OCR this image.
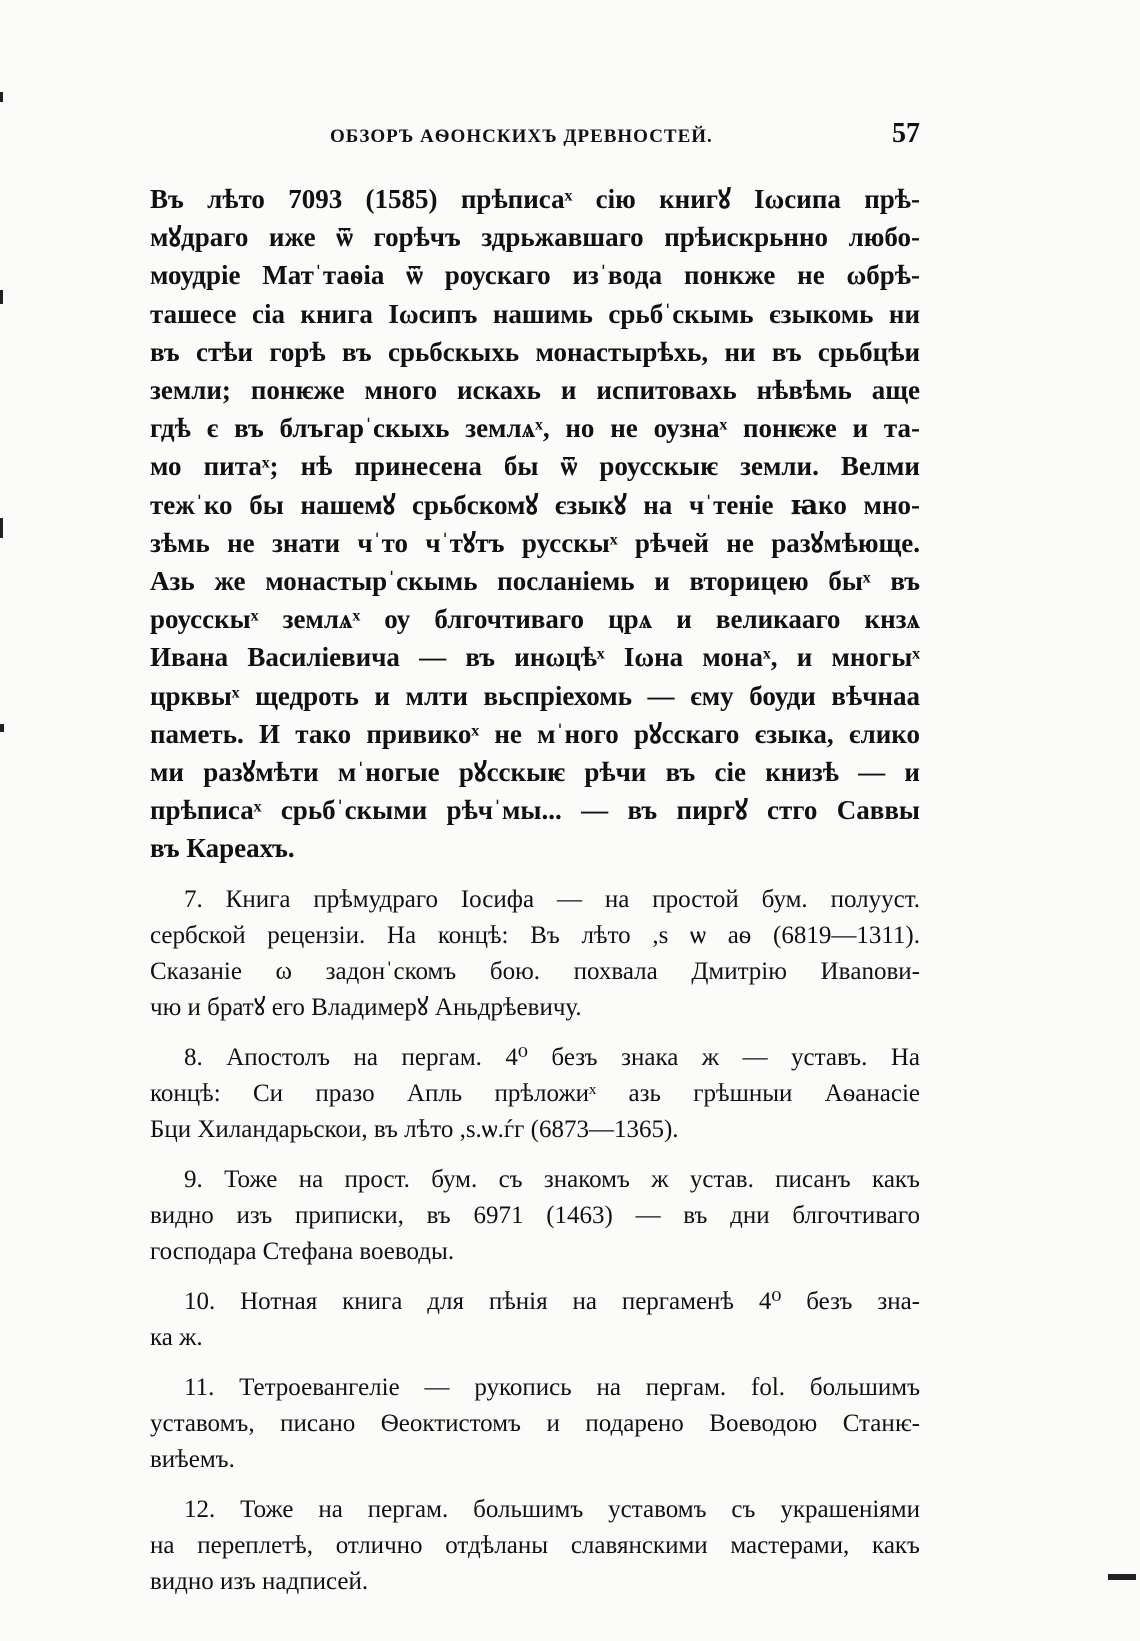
ОБЗОРЪ АѲОНСКИХЪ ДРЕВНОСТЕЙ.	57
Въ лѣто 7093 (1585) прѣписаˣ сію книгꙋ Іωсипа прѣ-
мꙋдраго иже ѿ горѣчъ здрьжавшаго прѣискрьнно любо-
моудріе Матˈтаѳіа ѿ роускаго изˈвода понкже не ωбрѣ-
ташесе сіа книга Іωсипъ нашимь срьбˈскымь єзыкомь ни
въ стѣи горѣ въ срьбскыхь монастырѣхь, ни въ срьбцѣи
земли; понѥже много искахь и испитовахь нѣвѣмь аще
гдѣ є въ блъгарˈскыхь землѧˣ, но не оузнаˣ понѥже и та-
мо питаˣ; нѣ принесена бы ѿ роусскыѥ земли. Велми
тежˈко бы нашемꙋ срьбскомꙋ єзыкꙋ на чˈтеніе ꙗко мно-
зѣмь не знати чˈто чˈтꙋтъ русскыˣ рѣчей не разꙋмѣюще.
Азь же монастырˈскымь посланіемь и вторицею быˣ въ
роусскыˣ землѧˣ оу блгочтиваго црѧ и великааго кнзѧ
Ивана Василіевича — въ инωцѣˣ Іωна монаˣ, и многыˣ
црквыˣ щедроть и млти вьспріехомь — єму боуди вѣчнаа
паметь. И тако привикоˣ не мˈного рꙋсскаго єзыка, єлико
ми разꙋмѣти мˈногые рꙋсскыѥ рѣчи въ сіе книзѣ — и
прѣписаˣ срьбˈскыми рѣчˈмы... — въ пиргꙋ стго Саввы
въ Кареахъ.
7. Книга прѣмудраго Іосифа — на простой бум. полууст.
сербской рецензіи. На концѣ: Въ лѣто ,ѕ ѡ аѳ (6819—1311).
Сказаніе ω задонˈскомъ бою. похвала Дмитрію Ивanови-
чю и братꙋ его Владимерꙋ Аньдрѣевичу.
8. Апостолъ на пергам. 4⁰ безъ знака ж — уставъ. На
концѣ: Си празо Апль прѣложиˣ азь грѣшныи Аѳанасіе
Бци Хиландарьскои, въ лѣто ,ѕ.ѡ.ѓг (6873—1365).
9. Тоже на прост. бум. съ знакомъ ж устав. писанъ какъ
видно изъ приписки, въ 6971 (1463) — въ дни блгочтиваго
господара Стефана воеводы.
10. Нотная книга для пѣнія на пергаменѣ 4⁰ безъ зна-
ка ж.
11. Тетроевангеліе — рукопись на пергам. fol. большимъ
уставомъ, писано Ѳеоктистомъ и подарено Воеводою Станѥ-
виѣемъ.
12. Тоже на пергам. большимъ уставомъ съ украшеніями
на переплетѣ, отлично отдѣланы славянскими мастерами, какъ
видно изъ надписей.
